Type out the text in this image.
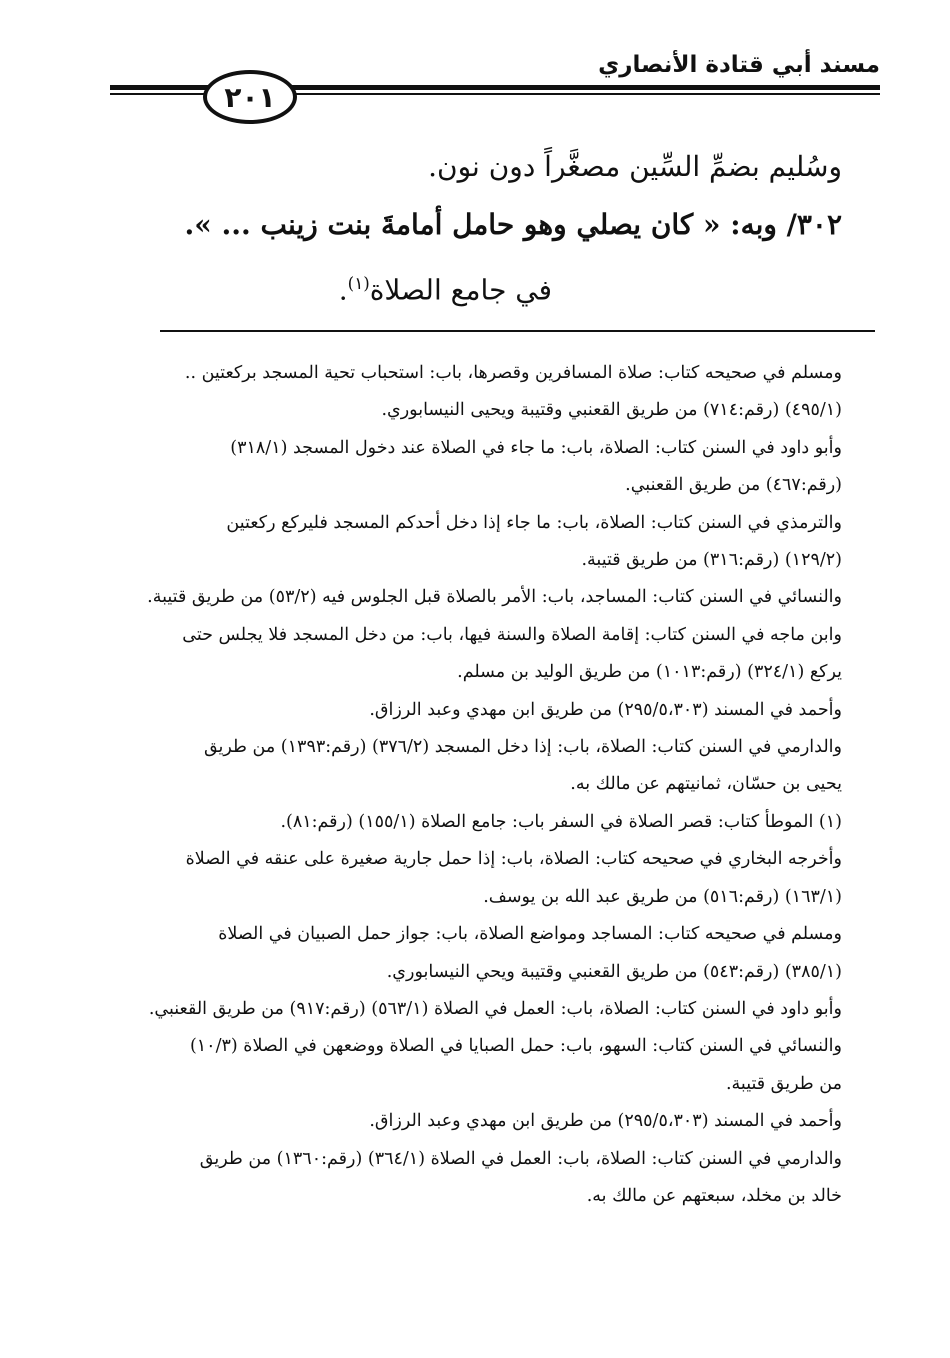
مسند أبي قتادة الأنصاري
٢٠١

وسُليم بضمِّ السِّين مصغَّراً دون نون.

٣٠٢/ وبه: « كان يصلي وهو حامل أمامةَ بنت زينب ... ».

في جامع الصلاة$^{(١)}$.

ومسلم في صحيحه كتاب: صلاة المسافرين وقصرها، باب: استحباب تحية المسجد بركعتين ..

(٤٩٥/١) (رقم:٧١٤) من طريق القعنبي وقتيبة ويحيى النيسابوري.

وأبو داود في السنن كتاب: الصلاة، باب: ما جاء في الصلاة عند دخول المسجد (٣١٨/١)

(رقم:٤٦٧) من طريق القعنبي.

والترمذي في السنن كتاب: الصلاة، باب: ما جاء إذا دخل أحدكم المسجد فليركع ركعتين

(١٢٩/٢) (رقم:٣١٦) من طريق قتيبة.

والنسائي في السنن كتاب: المساجد، باب: الأمر بالصلاة قبل الجلوس فيه (٥٣/٢) من طريق قتيبة.

وابن ماجه في السنن كتاب: إقامة الصلاة والسنة فيها، باب: من دخل المسجد فلا يجلس حتى

يركع (٣٢٤/١) (رقم:١٠١٣) من طريق الوليد بن مسلم.

وأحمد في المسند (٢٩٥/٥،٣٠٣) من طريق ابن مهدي وعبد الرزاق.

والدارمي في السنن كتاب: الصلاة، باب: إذا دخل المسجد (٣٧٦/٢) (رقم:١٣٩٣) من طريق

يحيى بن حسّان، ثمانيتهم عن مالك به.

(١) الموطأ كتاب: قصر الصلاة في السفر باب: جامع الصلاة (١٥٥/١) (رقم:٨١).

وأخرجه البخاري في صحيحه كتاب: الصلاة، باب: إذا حمل جارية صغيرة على عنقه في الصلاة

(١٦٣/١) (رقم:٥١٦) من طريق عبد الله بن يوسف.

ومسلم في صحيحه كتاب: المساجد ومواضع الصلاة، باب: جواز حمل الصبيان في الصلاة

(٣٨٥/١) (رقم:٥٤٣) من طريق القعنبي وقتيبة ويحي النيسابوري.

وأبو داود في السنن كتاب: الصلاة، باب: العمل في الصلاة (٥٦٣/١) (رقم:٩١٧) من طريق القعنبي.

والنسائي في السنن كتاب: السهو، باب: حمل الصبايا في الصلاة ووضعهن في الصلاة (١٠/٣)

من طريق قتيبة.

وأحمد في المسند (٢٩٥/٥،٣٠٣) من طريق ابن مهدي وعبد الرزاق.

والدارمي في السنن كتاب: الصلاة، باب: العمل في الصلاة (٣٦٤/١) (رقم:١٣٦٠) من طريق

خالد بن مخلد، سبعتهم عن مالك به.
